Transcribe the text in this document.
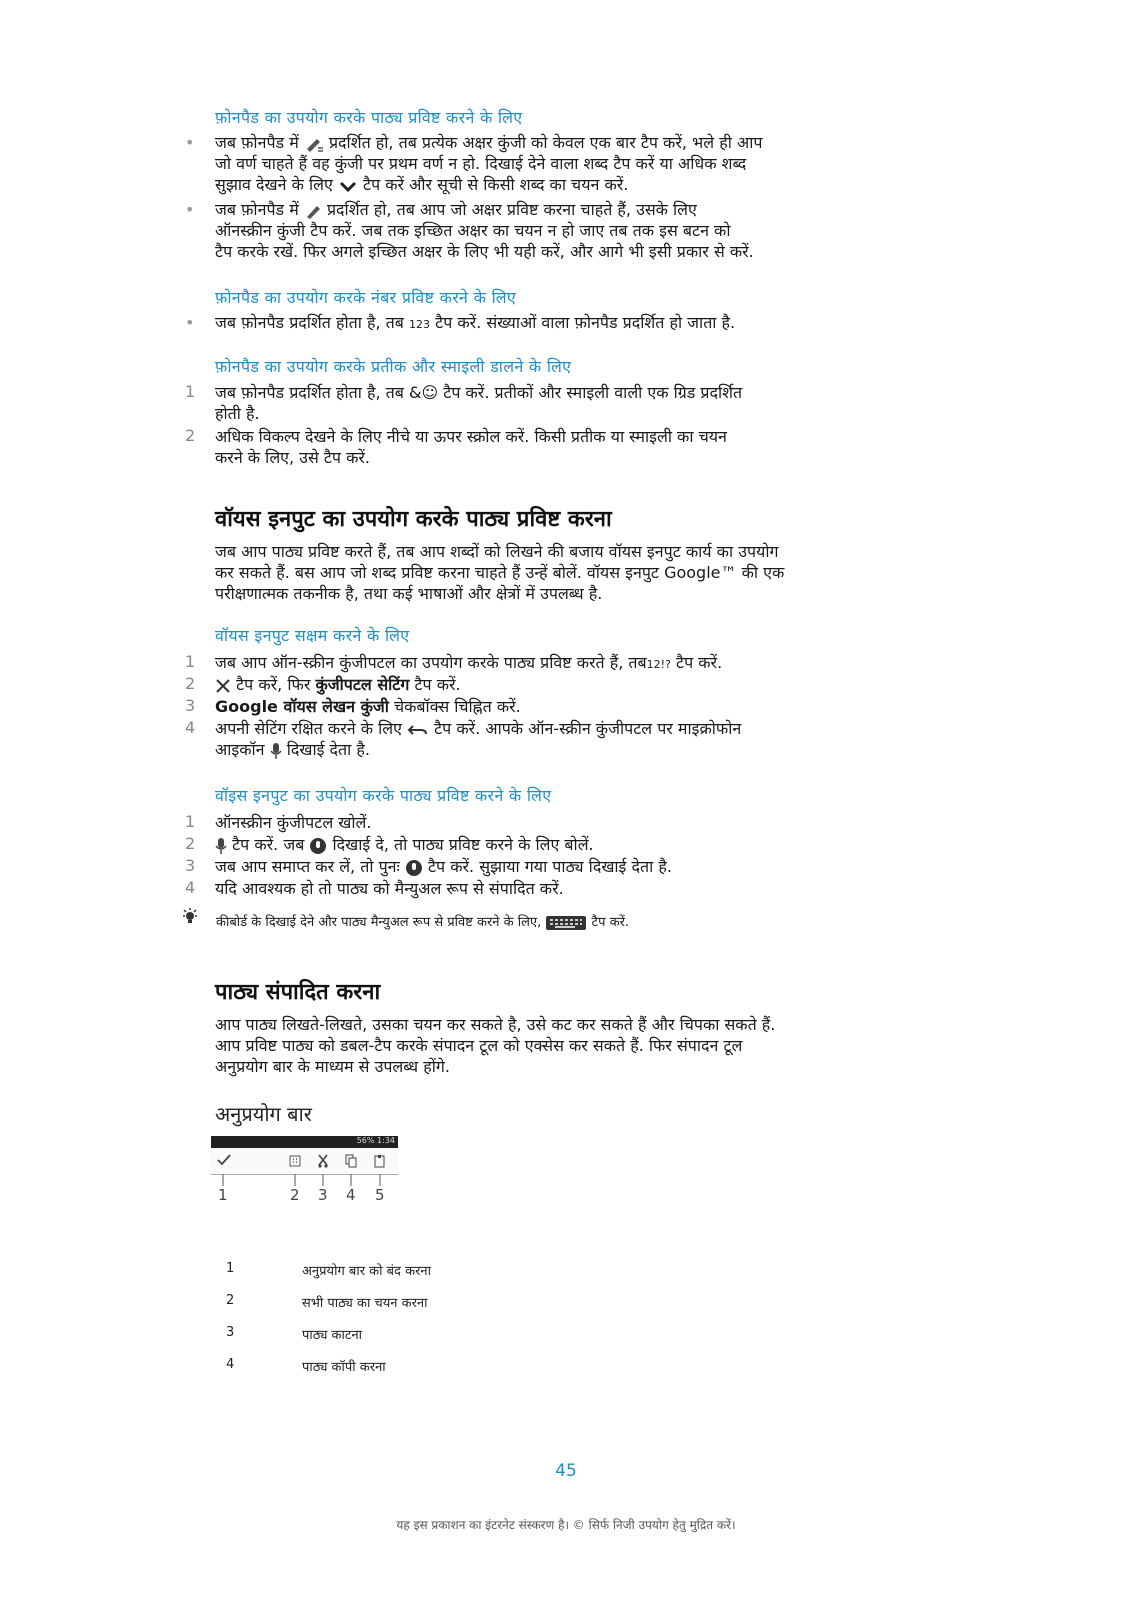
फ़ोनपैड का उपयोग करके पाठ्य प्रविष्ट करने के लिए
• जब फ़ोनपैड में प्रदर्शित हो, तब प्रत्येक अक्षर कुंजी को केवल एक बार टैप करें, भले ही आप
जो वर्ण चाहते हैं वह कुंजी पर प्रथम वर्ण न हो. दिखाई देने वाला शब्द टैप करें या अधिक शब्द
सुझाव देखने के लिए टैप करें और सूची से किसी शब्द का चयन करें.
• जब फ़ोनपैड में प्रदर्शित हो, तब आप जो अक्षर प्रविष्ट करना चाहते हैं, उसके लिए
ऑनस्क्रीन कुंजी टैप करें. जब तक इच्छित अक्षर का चयन न हो जाए तब तक इस बटन को
टैप करके रखें. फिर अगले इच्छित अक्षर के लिए भी यही करें, और आगे भी इसी प्रकार से करें.
फ़ोनपैड का उपयोग करके नंबर प्रविष्ट करने के लिए
• जब फ़ोनपैड प्रदर्शित होता है, तब 123 टैप करें. संख्याओं वाला फ़ोनपैड प्रदर्शित हो जाता है.
फ़ोनपैड का उपयोग करके प्रतीक और स्माइली डालने के लिए
1 जब फ़ोनपैड प्रदर्शित होता है, तब &☺ टैप करें. प्रतीकों और स्माइली वाली एक ग्रिड प्रदर्शित
होती है.
2 अधिक विकल्प देखने के लिए नीचे या ऊपर स्क्रोल करें. किसी प्रतीक या स्माइली का चयन
करने के लिए, उसे टैप करें.
वॉयस इनपुट का उपयोग करके पाठ्य प्रविष्ट करना
जब आप पाठ्य प्रविष्ट करते हैं, तब आप शब्दों को लिखने की बजाय वॉयस इनपुट कार्य का उपयोग
कर सकते हैं. बस आप जो शब्द प्रविष्ट करना चाहते हैं उन्हें बोलें. वॉयस इनपुट Google™ की एक
परीक्षणात्मक तकनीक है, तथा कई भाषाओं और क्षेत्रों में उपलब्ध है.
वॉयस इनपुट सक्षम करने के लिए
1 जब आप ऑन-स्क्रीन कुंजीपटल का उपयोग करके पाठ्य प्रविष्ट करते हैं, तब12!? टैप करें.
2	टैप करें, फिर कुंजीपटल सेटिंग टैप करें.
3 Google वॉयस लेखन कुंजी चेकबॉक्स चिह्नित करें.
4 अपनी सेटिंग रक्षित करने के लिए टैप करें. आपके ऑन-स्क्रीन कुंजीपटल पर माइक्रोफोन
आइकॉन दिखाई देता है.
वॉइस इनपुट का उपयोग करके पाठ्य प्रविष्ट करने के लिए
1 ऑनस्क्रीन कुंजीपटल खोलें.
2	टैप करें. जब दिखाई दे, तो पाठ्य प्रविष्ट करने के लिए बोलें.
3 जब आप समाप्त कर लें, तो पुनः टैप करें. सुझाया गया पाठ्य दिखाई देता है.
4 यदि आवश्यक हो तो पाठ्य को मैन्युअल रूप से संपादित करें.
कीबोर्ड के दिखाई देने और पाठ्य मैन्युअल रूप से प्रविष्ट करने के लिए,	टैप करें.
पाठ्य संपादित करना
आप पाठ्य लिखते-लिखते, उसका चयन कर सकते है, उसे कट कर सकते हैं और चिपका सकते हैं.
आप प्रविष्ट पाठ्य को डबल-टैप करके संपादन टूल को एक्सेस कर सकते हैं. फिर संपादन टूल
अनुप्रयोग बार के माध्यम से उपलब्ध होंगे.
अनुप्रयोग बार
56% 1:34
1	2 3 4 5
1	अनुप्रयोग बार को बंद करना
2	सभी पाठ्य का चयन करना
3	पाठ्य काटना
4	पाठ्य कॉपी करना
45
यह इस प्रकाशन का इंटरनेट संस्करण है। © सिर्फ निजी उपयोग हेतु मुद्रित करें।
